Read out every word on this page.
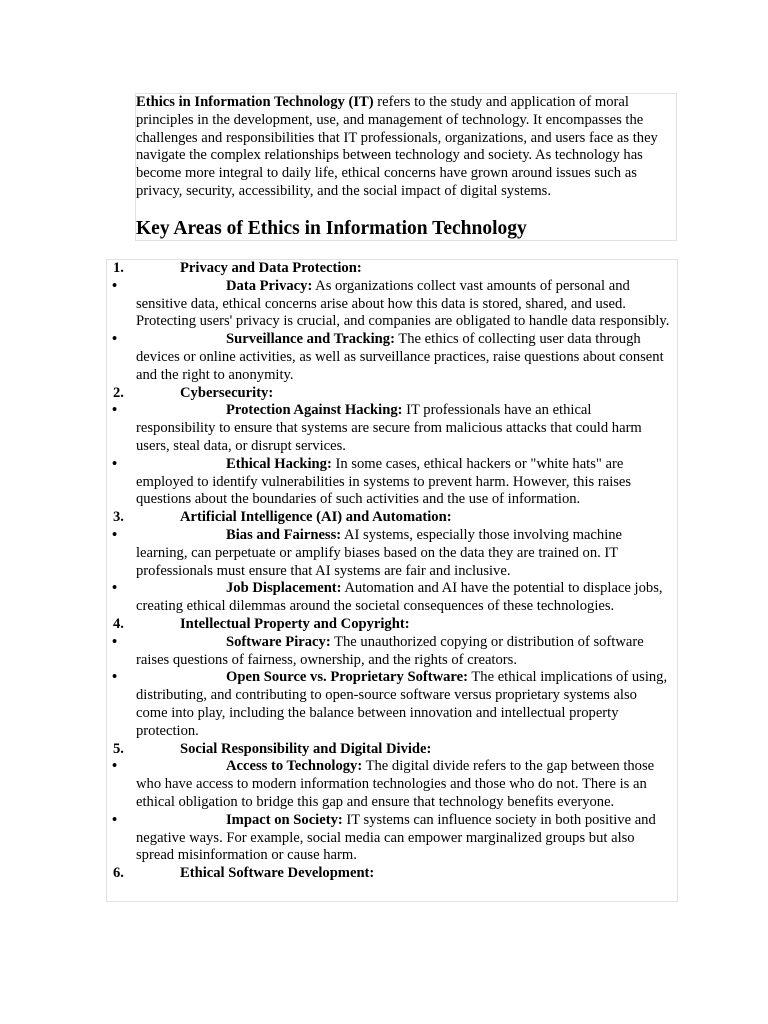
Ethics in Information Technology (IT) refers to the study and application of moral principles in the development, use, and management of technology. It encompasses the challenges and responsibilities that IT professionals, organizations, and users face as they navigate the complex relationships between technology and society. As technology has become more integral to daily life, ethical concerns have grown around issues such as privacy, security, accessibility, and the social impact of digital systems.

Key Areas of Ethics in Information Technology
1.	Privacy and Data Protection:
•	Data Privacy: As organizations collect vast amounts of personal and sensitive data, ethical concerns arise about how this data is stored, shared, and used. Protecting users' privacy is crucial, and companies are obligated to handle data responsibly.
•	Surveillance and Tracking: The ethics of collecting user data through devices or online activities, as well as surveillance practices, raise questions about consent and the right to anonymity.
2.	Cybersecurity:
•	Protection Against Hacking: IT professionals have an ethical responsibility to ensure that systems are secure from malicious attacks that could harm users, steal data, or disrupt services.
•	Ethical Hacking: In some cases, ethical hackers or "white hats" are employed to identify vulnerabilities in systems to prevent harm. However, this raises questions about the boundaries of such activities and the use of information.
3.	Artificial Intelligence (AI) and Automation:
•	Bias and Fairness: AI systems, especially those involving machine learning, can perpetuate or amplify biases based on the data they are trained on. IT professionals must ensure that AI systems are fair and inclusive.
•	Job Displacement: Automation and AI have the potential to displace jobs, creating ethical dilemmas around the societal consequences of these technologies.
4.	Intellectual Property and Copyright:
•	Software Piracy: The unauthorized copying or distribution of software raises questions of fairness, ownership, and the rights of creators.
•	Open Source vs. Proprietary Software: The ethical implications of using, distributing, and contributing to open-source software versus proprietary systems also come into play, including the balance between innovation and intellectual property protection.
5.	Social Responsibility and Digital Divide:
•	Access to Technology: The digital divide refers to the gap between those who have access to modern information technologies and those who do not. There is an ethical obligation to bridge this gap and ensure that technology benefits everyone.
•	Impact on Society: IT systems can influence society in both positive and negative ways. For example, social media can empower marginalized groups but also spread misinformation or cause harm.
6.	Ethical Software Development:
